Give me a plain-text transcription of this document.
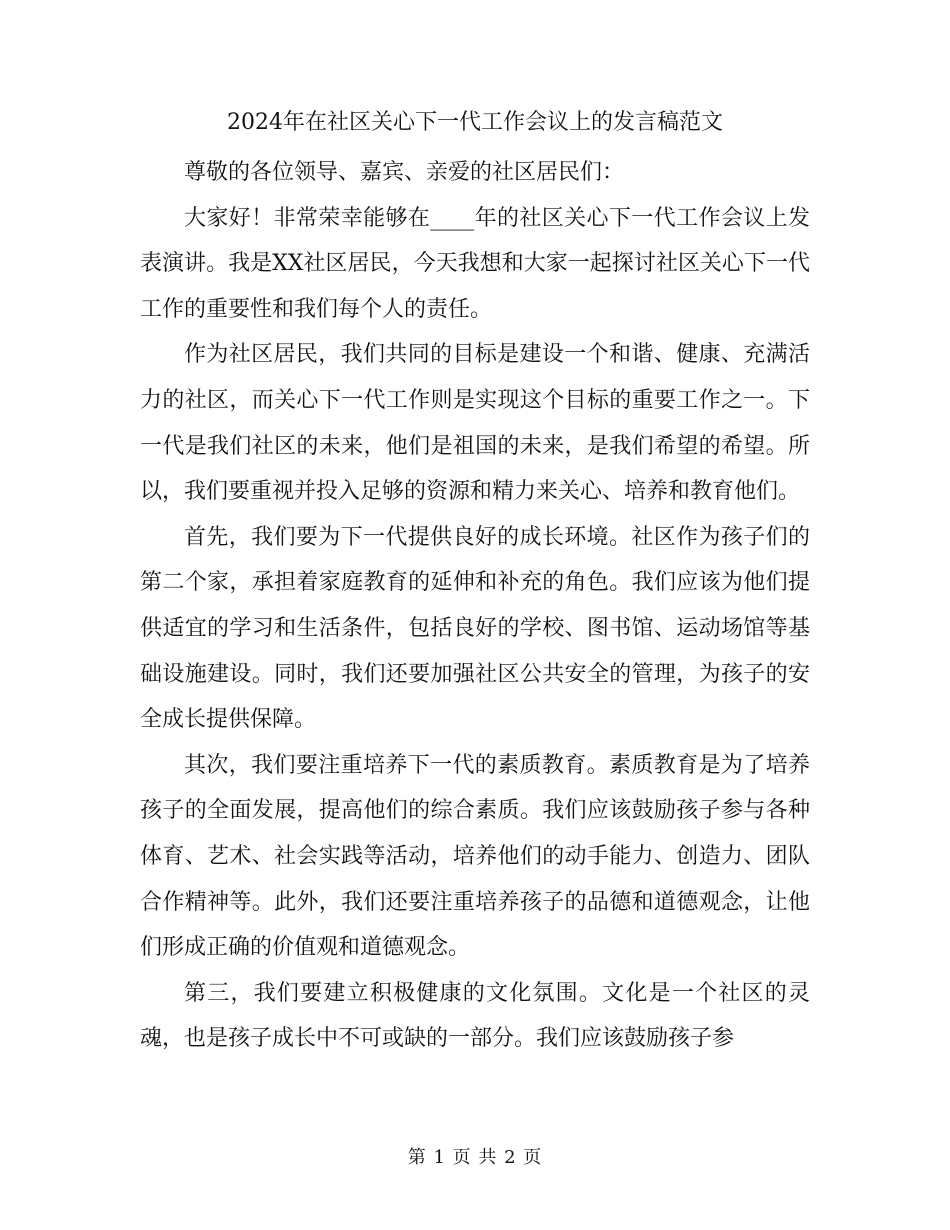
2024年在社区关心下一代工作会议上的发言稿范文

尊敬的各位领导、嘉宾、亲爱的社区居民们：

大家好！非常荣幸能够在____年的社区关心下一代工作会议上发表演讲。我是XX社区居民，今天我想和大家一起探讨社区关心下一代工作的重要性和我们每个人的责任。

作为社区居民，我们共同的目标是建设一个和谐、健康、充满活力的社区，而关心下一代工作则是实现这个目标的重要工作之一。下一代是我们社区的未来，他们是祖国的未来，是我们希望的希望。所以，我们要重视并投入足够的资源和精力来关心、培养和教育他们。

首先，我们要为下一代提供良好的成长环境。社区作为孩子们的第二个家，承担着家庭教育的延伸和补充的角色。我们应该为他们提供适宜的学习和生活条件，包括良好的学校、图书馆、运动场馆等基础设施建设。同时，我们还要加强社区公共安全的管理，为孩子的安全成长提供保障。

其次，我们要注重培养下一代的素质教育。素质教育是为了培养孩子的全面发展，提高他们的综合素质。我们应该鼓励孩子参与各种体育、艺术、社会实践等活动，培养他们的动手能力、创造力、团队合作精神等。此外，我们还要注重培养孩子的品德和道德观念，让他们形成正确的价值观和道德观念。

第三，我们要建立积极健康的文化氛围。文化是一个社区的灵魂，也是孩子成长中不可或缺的一部分。我们应该鼓励孩子参

第 1 页 共 2 页
